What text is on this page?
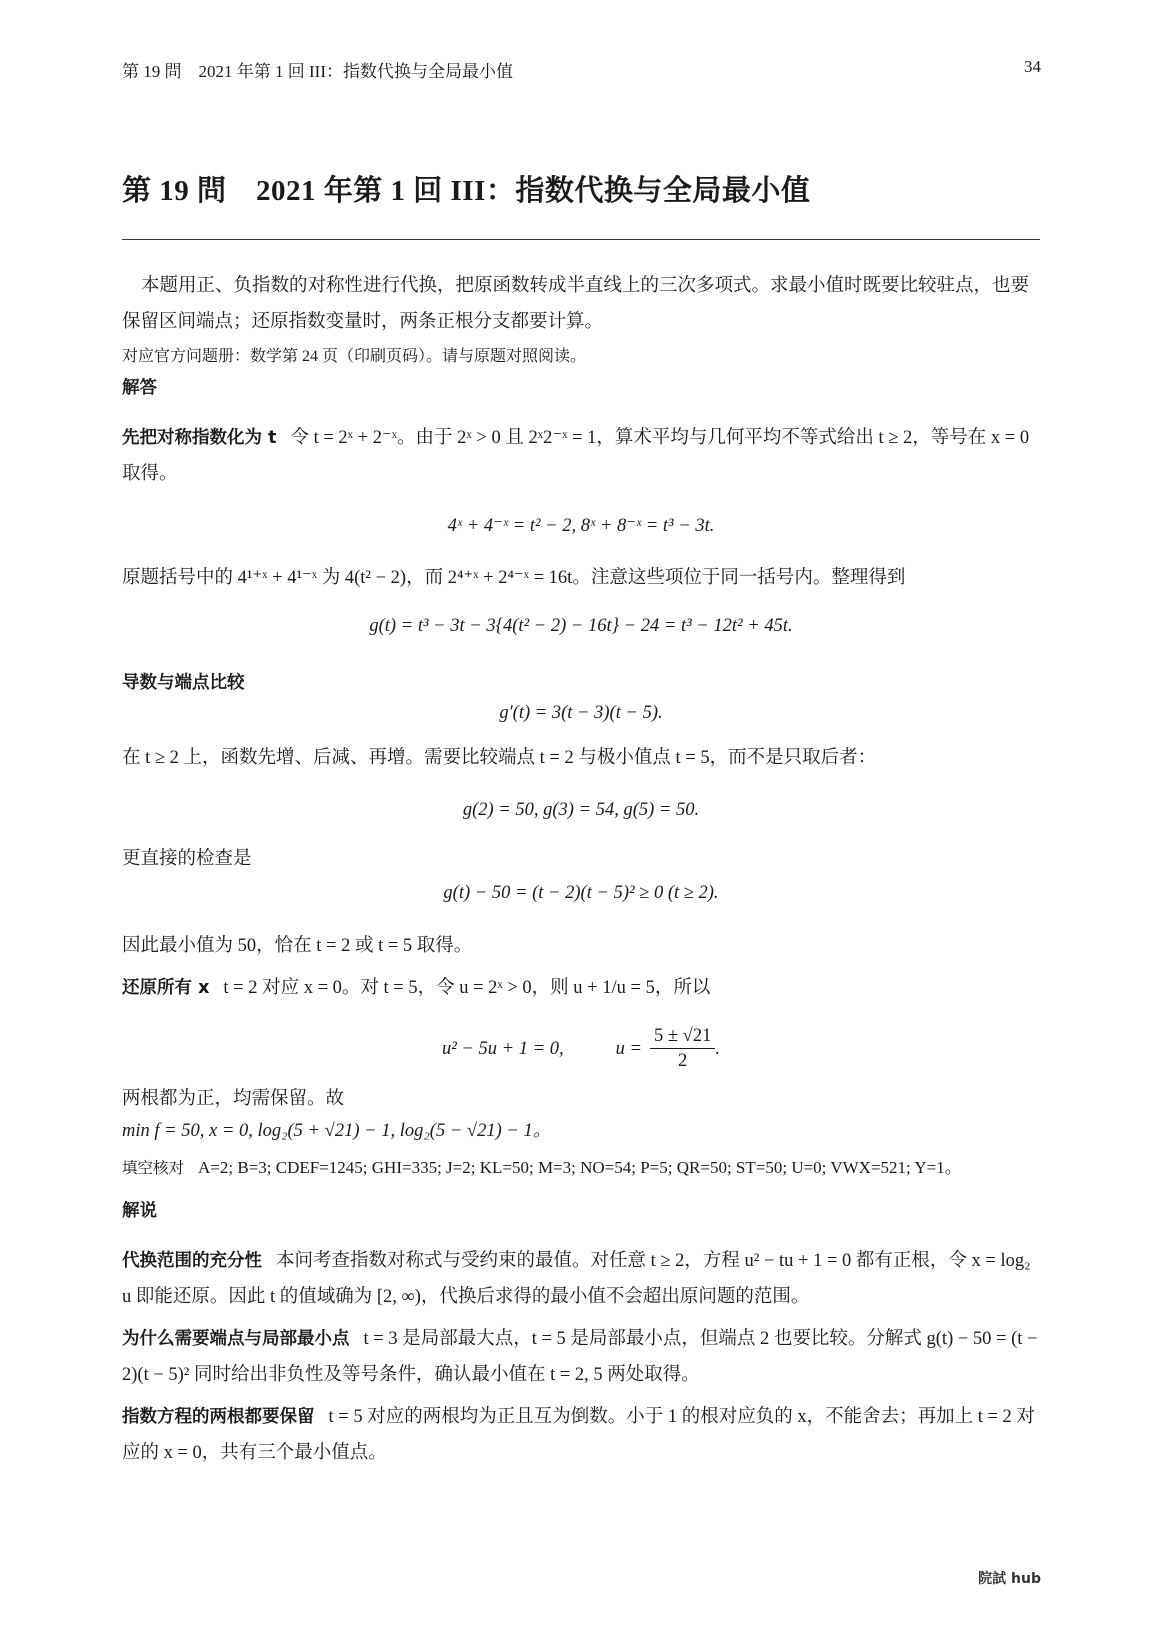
第 19 問　2021 年第 1 回 III：指数代换与全局最小值	34
第 19 問　2021 年第 1 回 III：指数代换与全局最小值

本题用正、负指数的对称性进行代换，把原函数转成半直线上的三次多项式。求最小值时既要比较驻点，也要保留区间端点；还原指数变量时，两条正根分支都要计算。

对应官方问题册：数学第 24 页（印刷页码）。请与原题对照阅读。

解答

先把对称指数化为 t 令 t = 2ˣ + 2⁻ˣ。由于 2ˣ > 0 且 2ˣ2⁻ˣ = 1，算术平均与几何平均不等式给出 t ≥ 2，等号在 x = 0 取得。

4ˣ + 4⁻ˣ = t² − 2, 8ˣ + 8⁻ˣ = t³ − 3t.

原题括号中的 4¹⁺ˣ + 4¹⁻ˣ 为 4(t² − 2)，而 2⁴⁺ˣ + 2⁴⁻ˣ = 16t。注意这些项位于同一括号内。整理得到

g(t) = t³ − 3t − 3{4(t² − 2) − 16t} − 24 = t³ − 12t² + 45t.

导数与端点比较

g′(t) = 3(t − 3)(t − 5).

在 t ≥ 2 上，函数先增、后减、再增。需要比较端点 t = 2 与极小值点 t = 5，而不是只取后者：

g(2) = 50, g(3) = 54, g(5) = 50.

更直接的检查是

g(t) − 50 = (t − 2)(t − 5)² ≥ 0 (t ≥ 2).

因此最小值为 50，恰在 t = 2 或 t = 5 取得。

还原所有 x t = 2 对应 x = 0。对 t = 5，令 u = 2ˣ > 0，则 u + 1/u = 5，所以

u² − 5u + 1 = 0,	$u = \frac{5 \pm √21}{2}$ .

两根都为正，均需保留。故

min f = 50, x = 0, log₂(5 + √21) − 1, log₂(5 − √21) − 1。

填空核对 A=2; B=3; CDEF=1245; GHI=335; J=2; KL=50; M=3; NO=54; P=5; QR=50; ST=50; U=0; VWX=521; Y=1。

解说

代换范围的充分性 本问考查指数对称式与受约束的最值。对任意 t ≥ 2，方程 u² − tu + 1 = 0 都有正根，令 x = log₂ u 即能还原。因此 t 的值域确为 [2, ∞)，代换后求得的最小值不会超出原问题的范围。

为什么需要端点与局部最小点 t = 3 是局部最大点，t = 5 是局部最小点，但端点 2 也要比较。分解式 g(t) − 50 = (t − 2)(t − 5)² 同时给出非负性及等号条件，确认最小值在 t = 2, 5 两处取得。

指数方程的两根都要保留 t = 5 对应的两根均为正且互为倒数。小于 1 的根对应负的 x，不能舍去；再加上 t = 2 对应的 x = 0，共有三个最小值点。

院試 hub
